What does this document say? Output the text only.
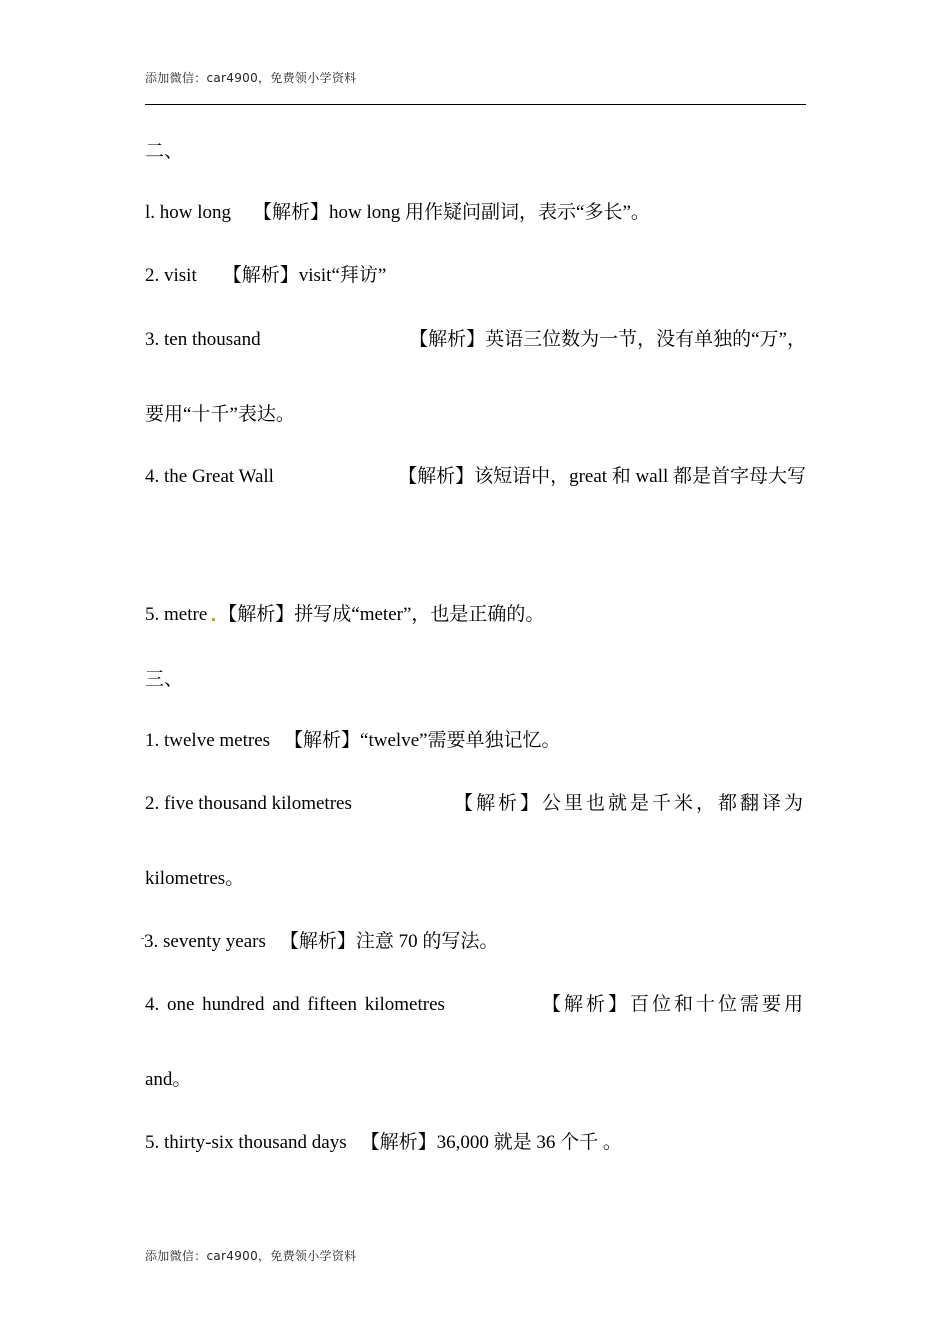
添加微信：car4900，免费领小学资料
二、
l. how long 【解析】how long 用作疑问副词，表示“多长”。
2. visit 【解析】visit“拜访”
3. ten thousand	【解析】英语三位数为一节，没有单独的“万”，
要用“十千”表达。
4. the Great Wall	【解析】该短语中，great 和 wall 都是首字母大写
5. metre 【解析】拼写成“meter”，也是正确的。
三、
1. twelve metres 【解析】“twelve”需要单独记忆。
2. five thousand kilometres	【解析】公里也就是千米，都翻译为
kilometres。
3. seventy years 【解析】注意 70 的写法。
4. one hundred and fifteen kilometres	【解析】百位和十位需要用
and。
5. thirty-six thousand days 【解析】36,000 就是 36 个千 。
添加微信：car4900，免费领小学资料
